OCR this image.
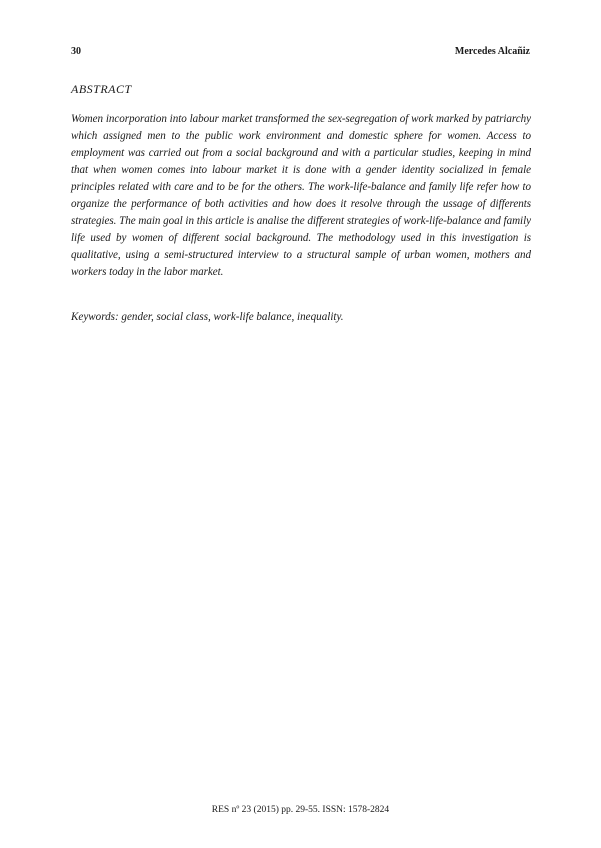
30	Mercedes Alcañiz
ABSTRACT

Women incorporation into labour market transformed the sex-segregation of work marked by patriarchy which assigned men to the public work environment and domestic sphere for women. Access to employment was carried out from a social background and with a particular studies, keeping in mind that when women comes into labour market it is done with a gender identity socialized in female principles related with care and to be for the others. The work-life-balance and family life refer how to organize the performance of both activities and how does it resolve through the ussage of differents strategies. The main goal in this article is analise the different strategies of work-life-balance and family life used by women of different social background. The methodology used in this investigation is qualitative, using a semi-structured interview to a structural sample of urban women, mothers and workers today in the labor market.

Keywords: gender, social class, work-life balance, inequality.

RES nº 23 (2015) pp. 29-55. ISSN: 1578-2824
